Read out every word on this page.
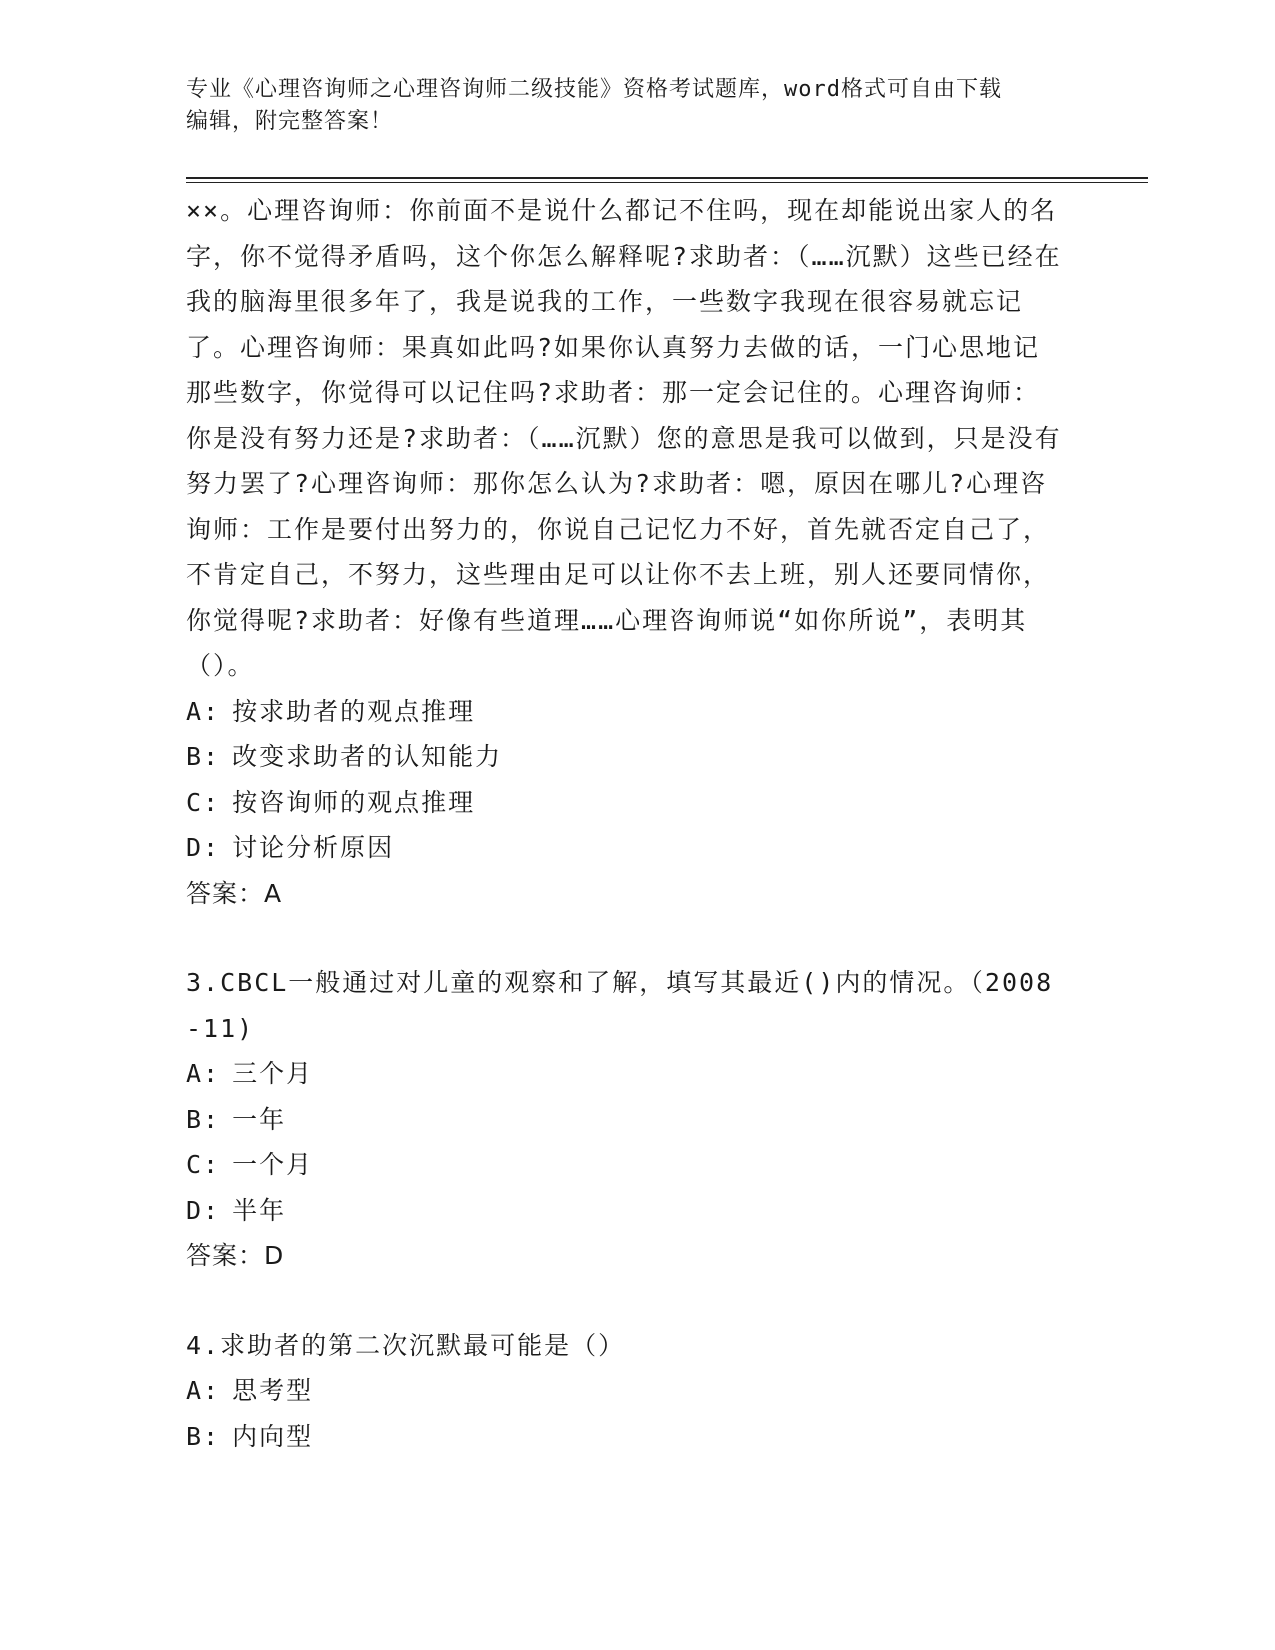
专业《心理咨询师之心理咨询师二级技能》资格考试题库，word格式可自由下载
编辑，附完整答案！
××。心理咨询师：你前面不是说什么都记不住吗，现在却能说出家人的名字，你不觉得矛盾吗，这个你怎么解释呢?求助者：（……沉默）这些已经在我的脑海里很多年了，我是说我的工作，一些数字我现在很容易就忘记了。心理咨询师：果真如此吗?如果你认真努力去做的话，一门心思地记那些数字，你觉得可以记住吗?求助者：那一定会记住的。心理咨询师：你是没有努力还是?求助者：（……沉默）您的意思是我可以做到，只是没有努力罢了?心理咨询师：那你怎么认为?求助者：嗯，原因在哪儿?心理咨询师：工作是要付出努力的，你说自己记忆力不好，首先就否定自己了，不肯定自己，不努力，这些理由足可以让你不去上班，别人还要同情你，你觉得呢?求助者：好像有些道理……心理咨询师说“如你所说”，表明其（）。
A: 按求助者的观点推理
B: 改变求助者的认知能力
C: 按咨询师的观点推理
D: 讨论分析原因
答案：A
3.CBCL一般通过对儿童的观察和了解，填写其最近()内的情况。（2008-11)
A: 三个月
B: 一年
C: 一个月
D: 半年
答案：D
4.求助者的第二次沉默最可能是（）
A: 思考型
B: 内向型
